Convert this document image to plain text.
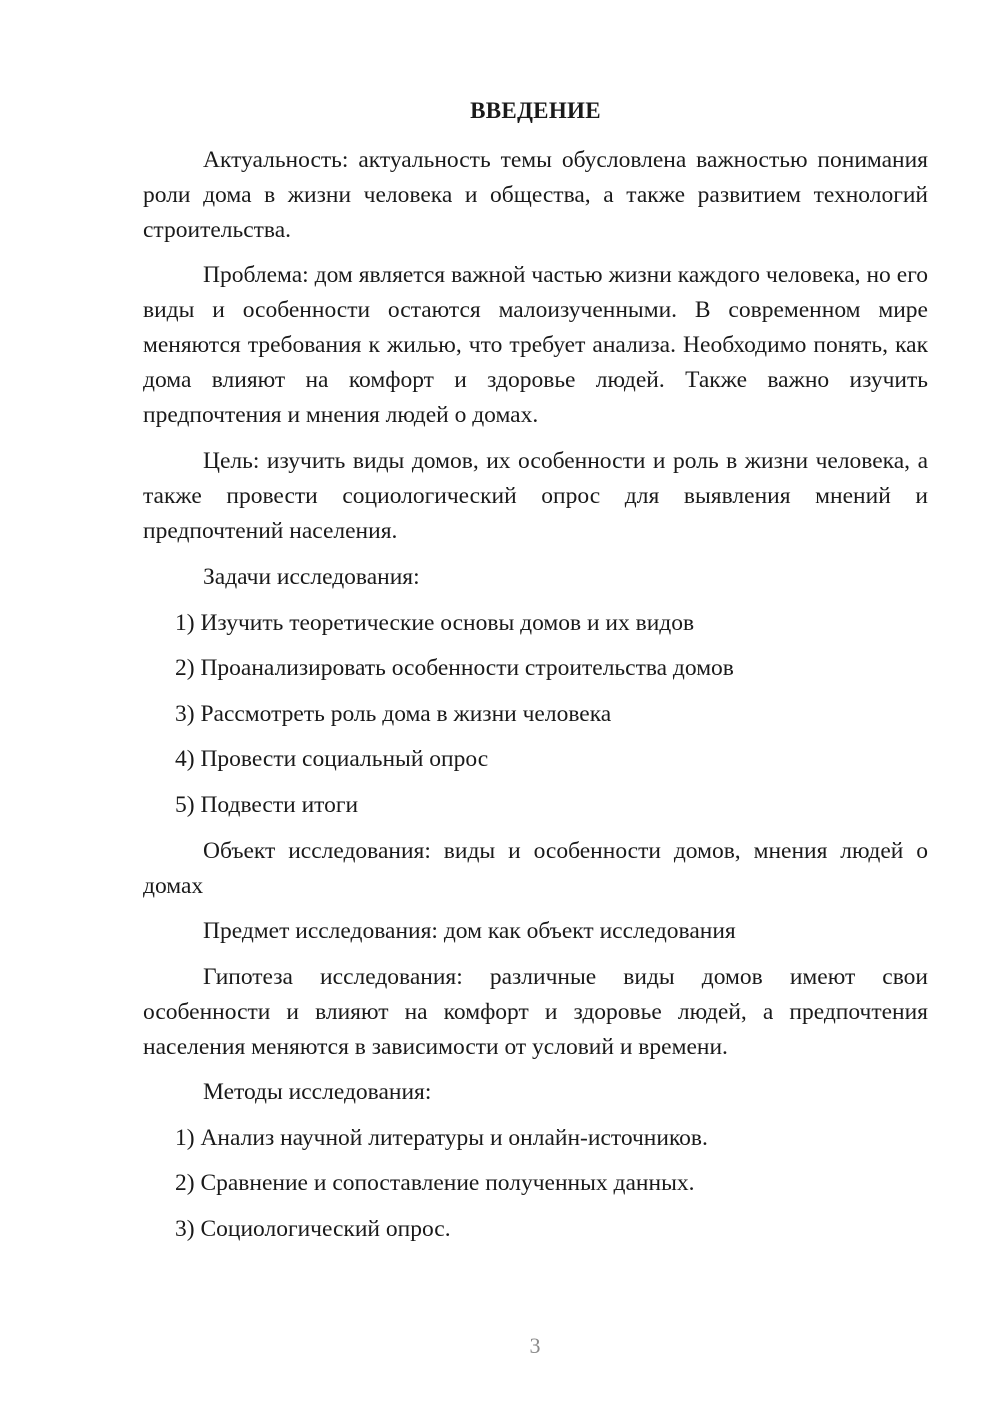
ВВЕДЕНИЕ

Актуальность: актуальность темы обусловлена важностью понимания роли дома в жизни человека и общества, а также развитием технологий строительства.

Проблема: дом является важной частью жизни каждого человека, но его виды и особенности остаются малоизученными. В современном мире меняются требования к жилью, что требует анализа. Необходимо понять, как дома влияют на комфорт и здоровье людей. Также важно изучить предпочтения и мнения людей о домах.

Цель: изучить виды домов, их особенности и роль в жизни человека, а также провести социологический опрос для выявления мнений и предпочтений населения.

Задачи исследования:

1) Изучить теоретические основы домов и их видов

2) Проанализировать особенности строительства домов

3) Рассмотреть роль дома в жизни человека

4) Провести социальный опрос

5) Подвести итоги

Объект исследования: виды и особенности домов, мнения людей о домах

Предмет исследования: дом как объект исследования

Гипотеза исследования: различные виды домов имеют свои особенности и влияют на комфорт и здоровье людей, а предпочтения населения меняются в зависимости от условий и времени.

Методы исследования:

1) Анализ научной литературы и онлайн-источников.

2) Сравнение и сопоставление полученных данных.

3) Социологический опрос.

3
